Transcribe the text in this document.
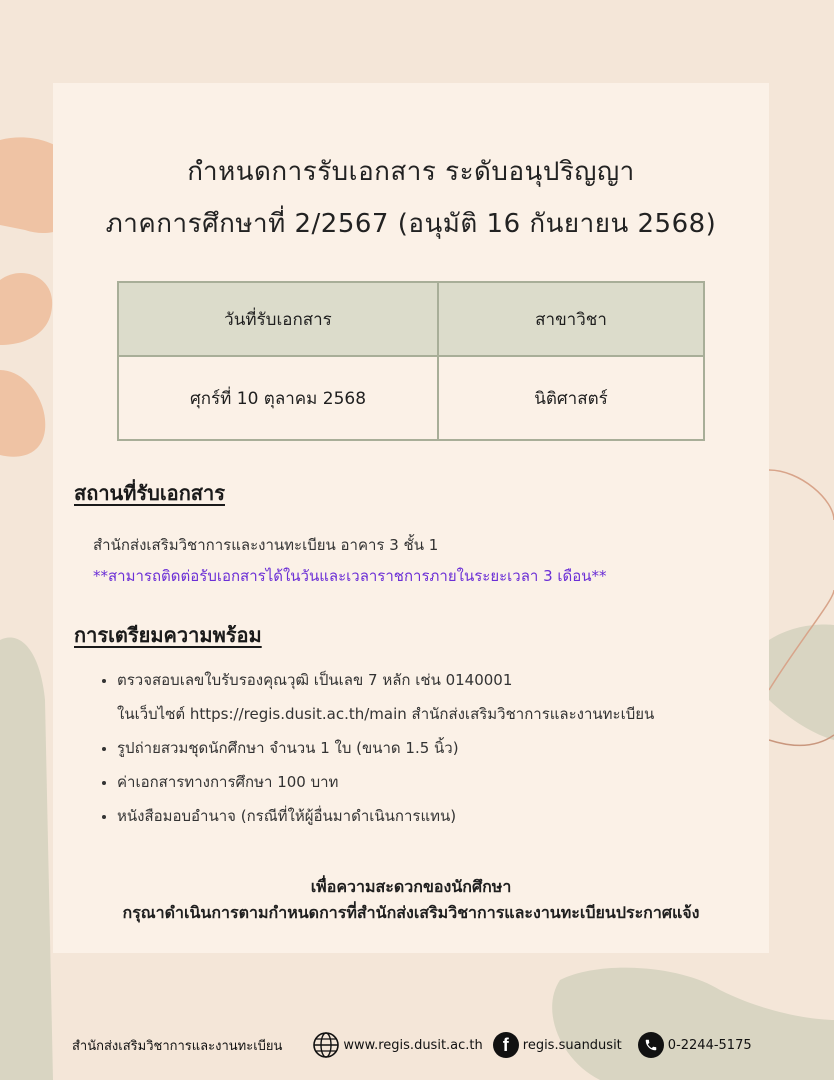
กำหนดการรับเอกสาร ระดับอนุปริญญา
ภาคการศึกษาที่ 2/2567 (อนุมัติ 16 กันยายน 2568)
วันที่รับเอกสาร	สาขาวิชา
ศุกร์ที่ 10 ตุลาคม 2568	นิติศาสตร์
สถานที่รับเอกสาร
สำนักส่งเสริมวิชาการและงานทะเบียน อาคาร 3 ชั้น 1
**สามารถติดต่อรับเอกสารได้ในวันและเวลาราชการภายในระยะเวลา 3 เดือน**
การเตรียมความพร้อม
• ตรวจสอบเลขใบรับรองคุณวุฒิ เป็นเลข 7 หลัก เช่น 0140001
ในเว็บไซต์ https://regis.dusit.ac.th/main สำนักส่งเสริมวิชาการและงานทะเบียน
• รูปถ่ายสวมชุดนักศึกษา จำนวน 1 ใบ (ขนาด 1.5 นิ้ว)
• ค่าเอกสารทางการศึกษา 100 บาท
• หนังสือมอบอำนาจ (กรณีที่ให้ผู้อื่นมาดำเนินการแทน)
เพื่อความสะดวกของนักศึกษา
กรุณาดำเนินการตามกำหนดการที่สำนักส่งเสริมวิชาการและงานทะเบียนประกาศแจ้ง
สำนักส่งเสริมวิชาการและงานทะเบียน	www.regis.dusit.ac.th	f	regis.suandusit	0-2244-5175
